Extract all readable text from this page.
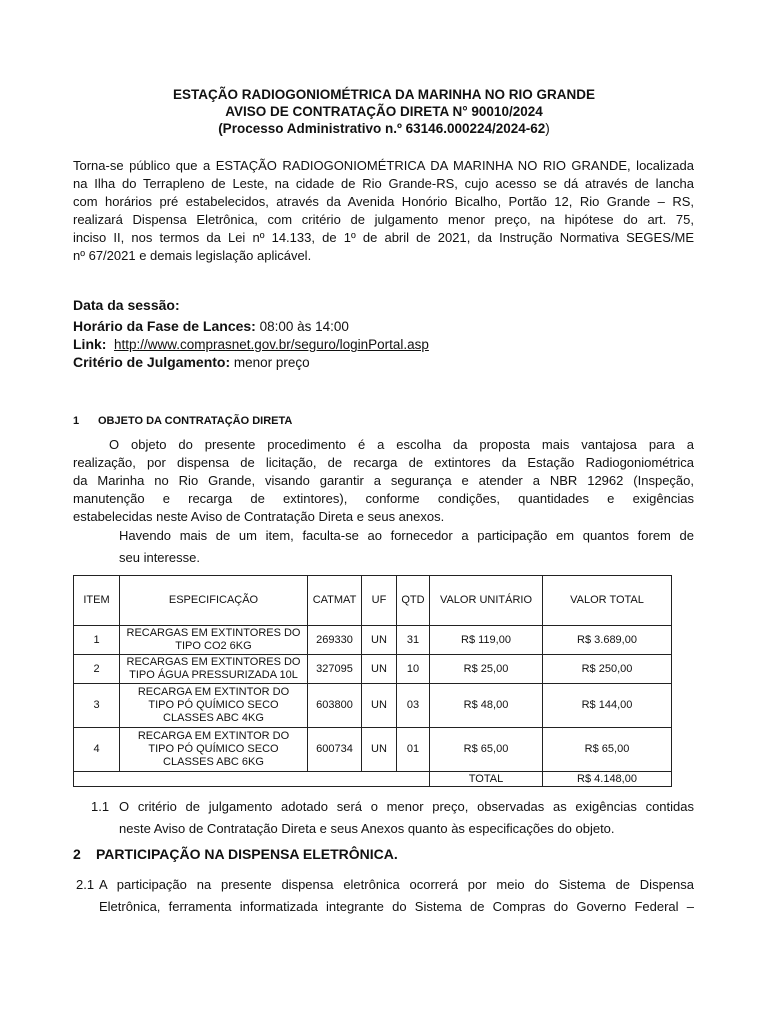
ESTAÇÃO RADIOGONIOMÉTRICA DA MARINHA NO RIO GRANDE
AVISO DE CONTRATAÇÃO DIRETA N° 90010/2024
(Processo Administrativo n.º 63146.000224/2024-62)
Torna-se público que a ESTAÇÃO RADIOGONIOMÉTRICA DA MARINHA NO RIO GRANDE, localizada
na Ilha do Terrapleno de Leste, na cidade de Rio Grande-RS, cujo acesso se dá através de lancha
com horários pré estabelecidos, através da Avenida Honório Bicalho, Portão 12, Rio Grande – RS,
realizará Dispensa Eletrônica, com critério de julgamento menor preço, na hipótese do art. 75,
inciso II, nos termos da Lei nº 14.133, de 1º de abril de 2021, da Instrução Normativa SEGES/ME
nº 67/2021 e demais legislação aplicável.
Data da sessão:
Horário da Fase de Lances: 08:00 às 14:00
Link: http://www.comprasnet.gov.br/seguro/loginPortal.asp
Critério de Julgamento: menor preço
1 OBJETO DA CONTRATAÇÃO DIRETA
O objeto do presente procedimento é a escolha da proposta mais vantajosa para a
realização, por dispensa de licitação, de recarga de extintores da Estação Radiogoniométrica
da Marinha no Rio Grande, visando garantir a segurança e atender a NBR 12962 (Inspeção,
manutenção e recarga de extintores), conforme condições, quantidades e exigências
estabelecidas neste Aviso de Contratação Direta e seus anexos.
Havendo mais de um item, faculta-se ao fornecedor a participação em quantos forem de
seu interesse.
ITEM	ESPECIFICAÇÃO	CATMAT	UF	QTD	VALOR UNITÁRIO	VALOR TOTAL
1	RECARGAS EM EXTINTORES DO
TIPO CO2 6KG	269330	UN	31	R$ 119,00	R$ 3.689,00
2	RECARGAS EM EXTINTORES DO
TIPO ÁGUA PRESSURIZADA 10L	327095	UN	10	R$ 25,00	R$ 250,00
3	RECARGA EM EXTINTOR DO
TIPO PÓ QUÍMICO SECO
CLASSES ABC 4KG	603800	UN	03	R$ 48,00	R$ 144,00
4	RECARGA EM EXTINTOR DO
TIPO PÓ QUÍMICO SECO
CLASSES ABC 6KG	600734	UN	01	R$ 65,00	R$ 65,00
					TOTAL	R$ 4.148,00
1.1 O critério de julgamento adotado será o menor preço, observadas as exigências contidas
neste Aviso de Contratação Direta e seus Anexos quanto às especificações do objeto.
2 PARTICIPAÇÃO NA DISPENSA ELETRÔNICA.
2.1 A participação na presente dispensa eletrônica ocorrerá por meio do Sistema de Dispensa
Eletrônica, ferramenta informatizada integrante do Sistema de Compras do Governo Federal –
